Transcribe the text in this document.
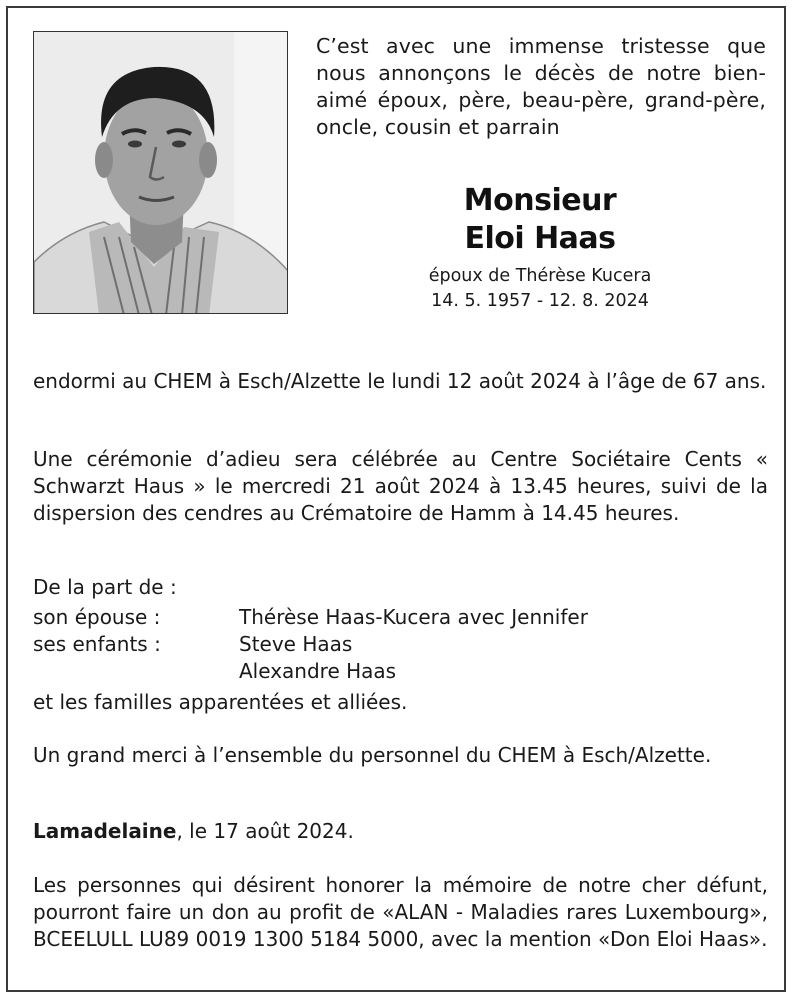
C’est avec une immense tristesse que nous annonçons le décès de notre bien-aimé époux, père, beau-père, grand-père, oncle, cousin et parrain
Monsieur
Eloi Haas
époux de Thérèse Kucera
14. 5. 1957 - 12. 8. 2024
endormi au CHEM à Esch/Alzette le lundi 12 août 2024 à l’âge de 67 ans.
Une cérémonie d’adieu sera célébrée au Centre Sociétaire Cents « Schwarzt Haus » le mercredi 21 août 2024 à 13.45 heures, suivi de la dispersion des cendres au Crématoire de Hamm à 14.45 heures.
De la part de :
son épouse :	Thérèse Haas-Kucera avec Jennifer
ses enfants :	Steve Haas
Alexandre Haas
et les familles apparentées et alliées.
Un grand merci à l’ensemble du personnel du CHEM à Esch/Alzette.
Lamadelaine, le 17 août 2024.
Les personnes qui désirent honorer la mémoire de notre cher défunt, pourront faire un don au profit de «ALAN - Maladies rares Luxembourg», BCEELULL LU89 0019 1300 5184 5000, avec la mention «Don Eloi Haas».
